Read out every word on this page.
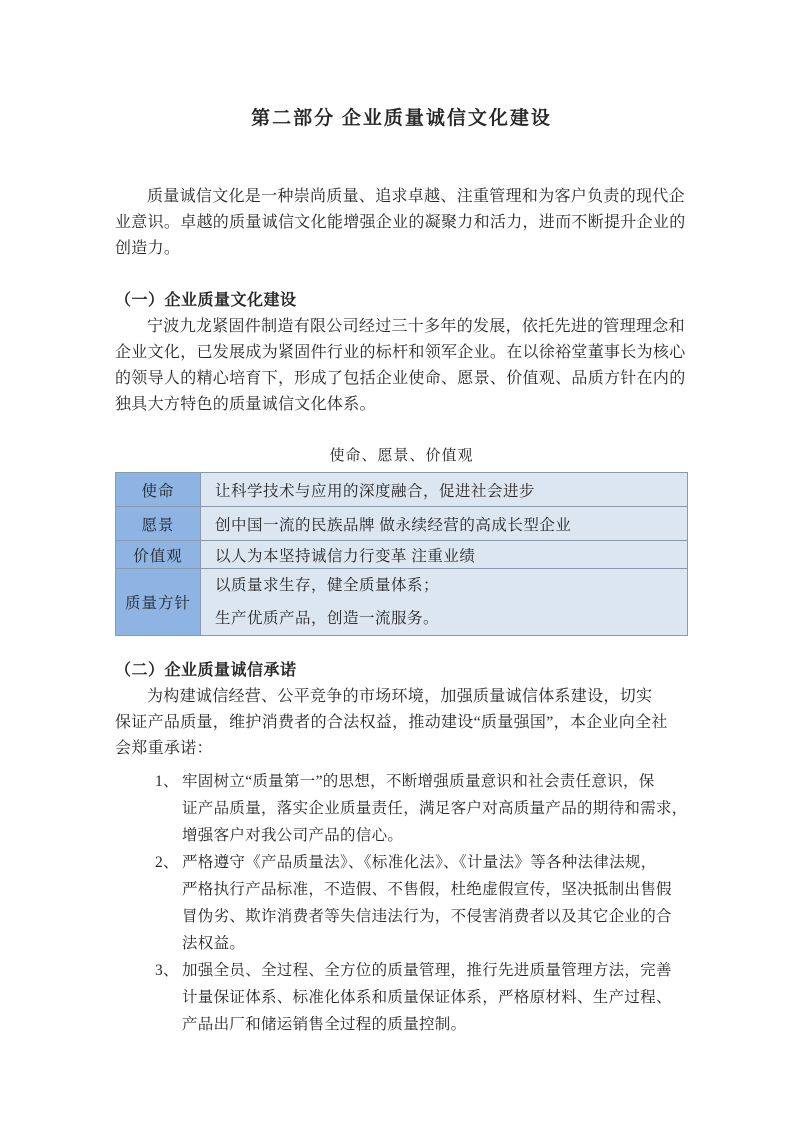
第二部分 企业质量诚信文化建设

质量诚信文化是一种崇尚质量、追求卓越、注重管理和为客户负责的现代企
业意识。卓越的质量诚信文化能增强企业的凝聚力和活力，进而不断提升企业的
创造力。

（一）企业质量文化建设

宁波九龙紧固件制造有限公司经过三十多年的发展，依托先进的管理理念和
企业文化，已发展成为紧固件行业的标杆和领军企业。在以徐裕堂董事长为核心
的领导人的精心培育下，形成了包括企业使命、愿景、价值观、品质方针在内的
独具大方特色的质量诚信文化体系。

使命、愿景、价值观
使命	让科学技术与应用的深度融合，促进社会进步
愿景	创中国一流的民族品牌 做永续经营的高成长型企业
价值观	以人为本坚持诚信力行变革 注重业绩
质量方针	以质量求生存，健全质量体系；
生产优质产品，创造一流服务。
（二）企业质量诚信承诺

为构建诚信经营、公平竞争的市场环境，加强质量诚信体系建设，切实
保证产品质量，维护消费者的合法权益，推动建设“质量强国”，本企业向全社
会郑重承诺：

1、 牢固树立“质量第一”的思想，不断增强质量意识和社会责任意识，保
证产品质量，落实企业质量责任，满足客户对高质量产品的期待和需求，
增强客户对我公司产品的信心。
2、 严格遵守《产品质量法》、《标准化法》、《计量法》等各种法律法规，
严格执行产品标准，不造假、不售假，杜绝虚假宣传，坚决抵制出售假
冒伪劣、欺诈消费者等失信违法行为，不侵害消费者以及其它企业的合
法权益。
3、 加强全员、全过程、全方位的质量管理，推行先进质量管理方法，完善
计量保证体系、标准化体系和质量保证体系，严格原材料、生产过程、
产品出厂和储运销售全过程的质量控制。
